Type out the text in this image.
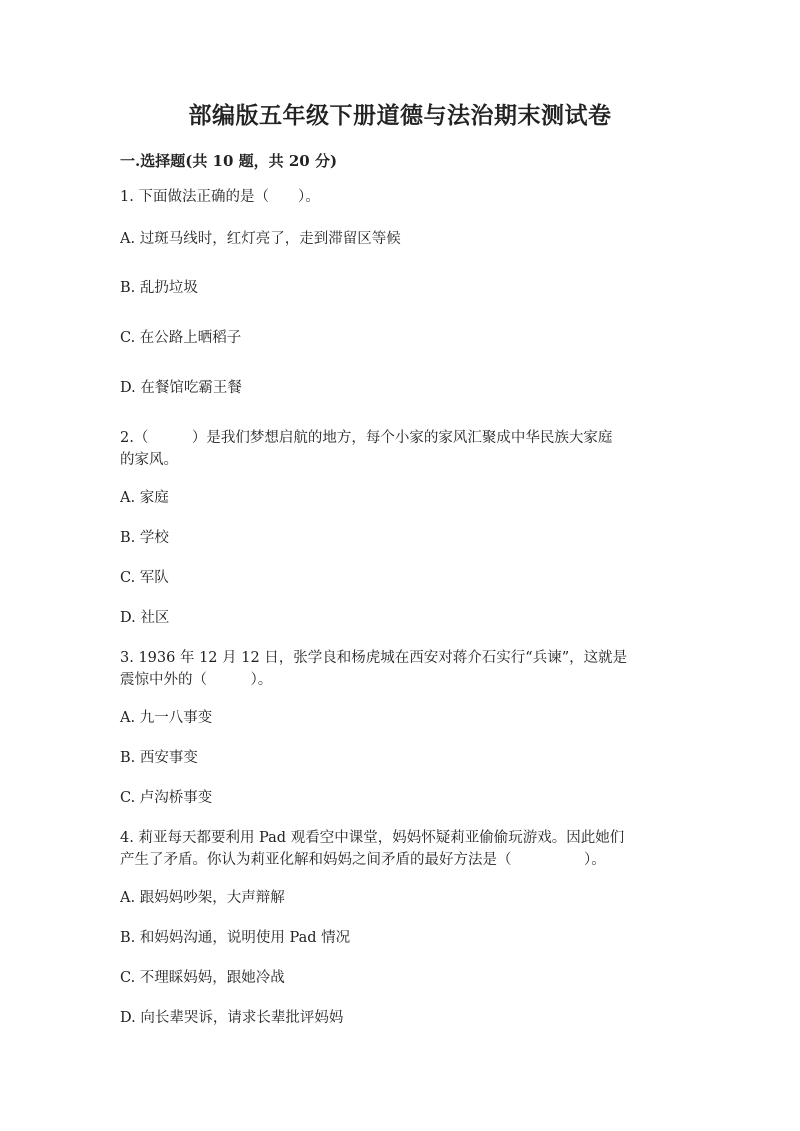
部编版五年级下册道德与法治期末测试卷
一.选择题(共 10 题，共 20 分)
1. 下面做法正确的是（　　）。
A. 过斑马线时，红灯亮了，走到滞留区等候
B. 乱扔垃圾
C. 在公路上晒稻子
D. 在餐馆吃霸王餐
2.（　　　）是我们梦想启航的地方，每个小家的家风汇聚成中华民族大家庭
的家风。
A. 家庭
B. 学校
C. 军队
D. 社区
3. 1936 年 12 月 12 日，张学良和杨虎城在西安对蒋介石实行“兵谏”，这就是
震惊中外的（　　　）。
A. 九一八事变
B. 西安事变
C. 卢沟桥事变
4. 莉亚每天都要利用 Pad 观看空中课堂，妈妈怀疑莉亚偷偷玩游戏。因此她们
产生了矛盾。你认为莉亚化解和妈妈之间矛盾的最好方法是（　　　　　）。
A. 跟妈妈吵架，大声辩解
B. 和妈妈沟通，说明使用 Pad 情况
C. 不理睬妈妈，跟她冷战
D. 向长辈哭诉，请求长辈批评妈妈
